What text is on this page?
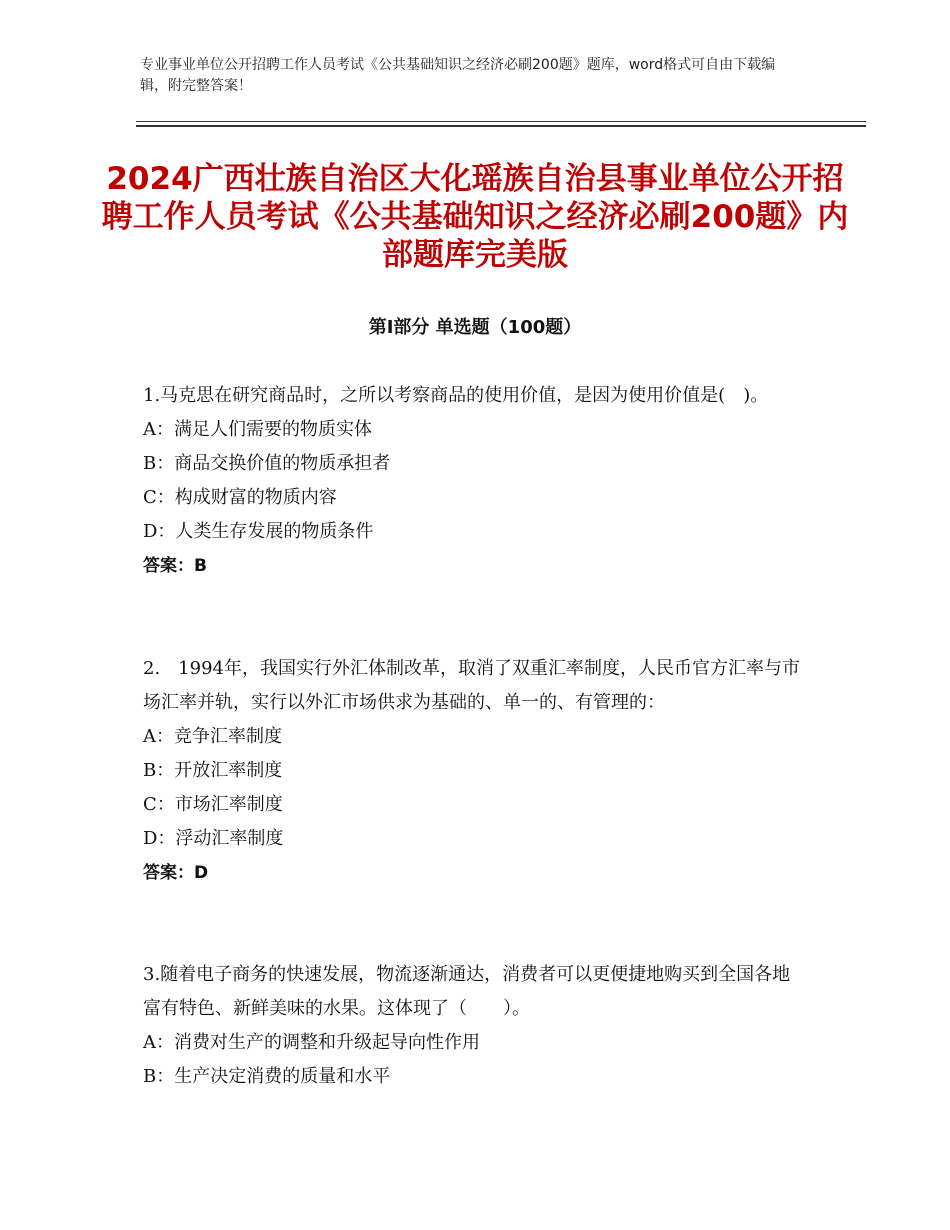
专业事业单位公开招聘工作人员考试《公共基础知识之经济必刷200题》题库，word格式可自由下载编辑，附完整答案！
2024广西壮族自治区大化瑶族自治县事业单位公开招聘工作人员考试《公共基础知识之经济必刷200题》内部题库完美版
第Ⅰ部分 单选题（100题）
1.马克思在研究商品时，之所以考察商品的使用价值，是因为使用价值是(　)。
A：满足人们需要的物质实体
B：商品交换价值的物质承担者
C：构成财富的物质内容
D：人类生存发展的物质条件
答案：B
2.　1994年，我国实行外汇体制改革，取消了双重汇率制度，人民币官方汇率与市场汇率并轨，实行以外汇市场供求为基础的、单一的、有管理的：
A：竞争汇率制度
B：开放汇率制度
C：市场汇率制度
D：浮动汇率制度
答案：D
3.随着电子商务的快速发展，物流逐渐通达，消费者可以更便捷地购买到全国各地富有特色、新鲜美味的水果。这体现了（　　）。
A：消费对生产的调整和升级起导向性作用
B：生产决定消费的质量和水平
